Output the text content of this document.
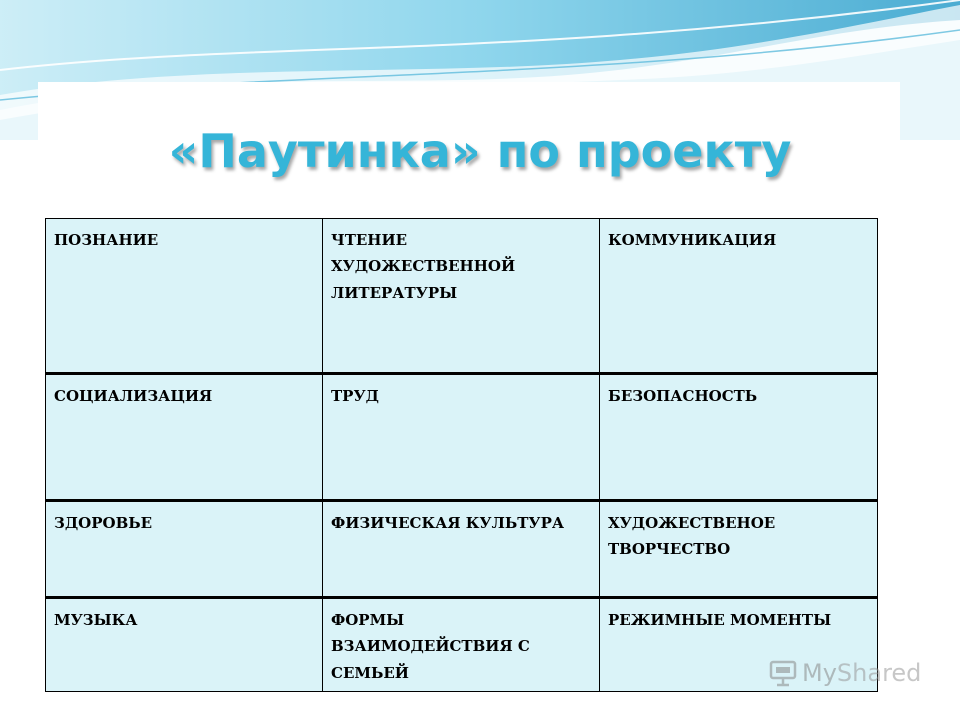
«Паутинка» по проекту
ПОЗНАНИЕ	ЧТЕНИЕ ХУДОЖЕСТВЕННОЙ ЛИТЕРАТУРЫ	КОММУНИКАЦИЯ
СОЦИАЛИЗАЦИЯ	ТРУД	БЕЗОПАСНОСТЬ
ЗДОРОВЬЕ	ФИЗИЧЕСКАЯ КУЛЬТУРА	ХУДОЖЕСТВЕНОЕ ТВОРЧЕСТВО
МУЗЫКА	ФОРМЫ ВЗАИМОДЕЙСТВИЯ С СЕМЬЕЙ	РЕЖИМНЫЕ МОМЕНТЫ
MyShared
